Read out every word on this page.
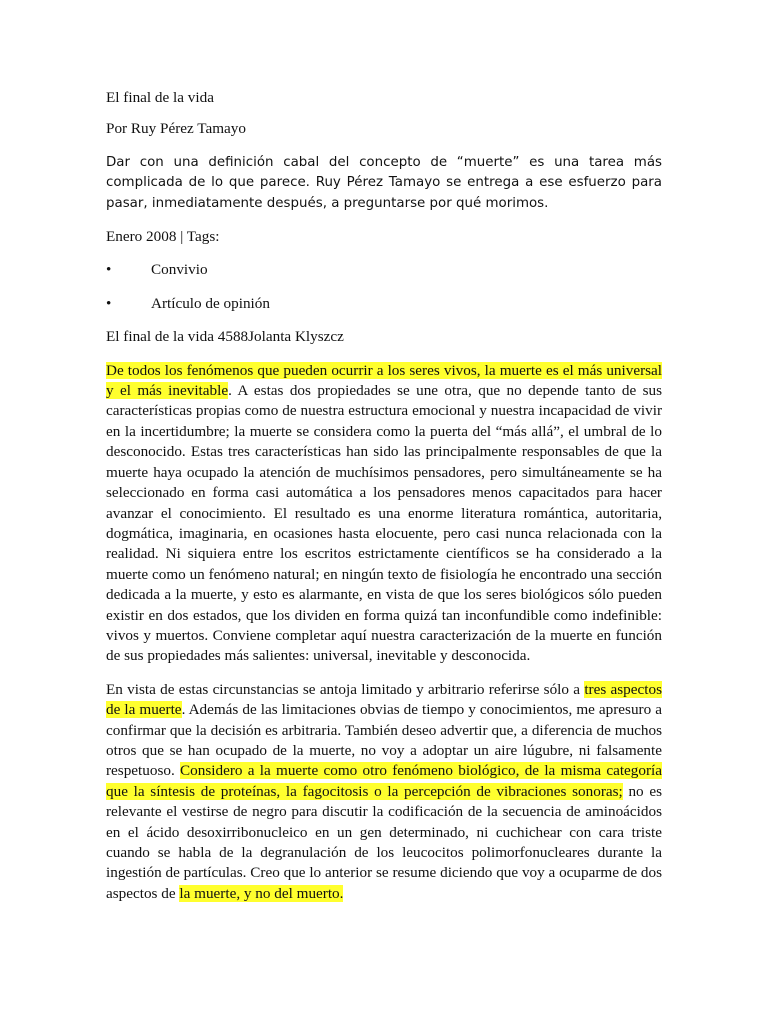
El final de la vida

Por Ruy Pérez Tamayo

Dar con una definición cabal del concepto de “muerte” es una tarea más complicada de lo que parece. Ruy Pérez Tamayo se entrega a ese esfuerzo para pasar, inmediatamente después, a preguntarse por qué morimos.

Enero 2008 | Tags:

•	Convivio
•	Artículo de opinión

El final de la vida 4588Jolanta Klyszcz

De todos los fenómenos que pueden ocurrir a los seres vivos, la muerte es el más universal y el más inevitable. A estas dos propiedades se une otra, que no depende tanto de sus características propias como de nuestra estructura emocional y nuestra incapacidad de vivir en la incertidumbre; la muerte se considera como la puerta del “más allá”, el umbral de lo desconocido. Estas tres características han sido las principalmente responsables de que la muerte haya ocupado la atención de muchísimos pensadores, pero simultáneamente se ha seleccionado en forma casi automática a los pensadores menos capacitados para hacer avanzar el conocimiento. El resultado es una enorme literatura romántica, autoritaria, dogmática, imaginaria, en ocasiones hasta elocuente, pero casi nunca relacionada con la realidad. Ni siquiera entre los escritos estrictamente científicos se ha considerado a la muerte como un fenómeno natural; en ningún texto de fisiología he encontrado una sección dedicada a la muerte, y esto es alarmante, en vista de que los seres biológicos sólo pueden existir en dos estados, que los dividen en forma quizá tan inconfundible como indefinible: vivos y muertos. Conviene completar aquí nuestra caracterización de la muerte en función de sus propiedades más salientes: universal, inevitable y desconocida.

En vista de estas circunstancias se antoja limitado y arbitrario referirse sólo a tres aspectos de la muerte. Además de las limitaciones obvias de tiempo y conocimientos, me apresuro a confirmar que la decisión es arbitraria. También deseo advertir que, a diferencia de muchos otros que se han ocupado de la muerte, no voy a adoptar un aire lúgubre, ni falsamente respetuoso. Considero a la muerte como otro fenómeno biológico, de la misma categoría que la síntesis de proteínas, la fagocitosis o la percepción de vibraciones sonoras; no es relevante el vestirse de negro para discutir la codificación de la secuencia de aminoácidos en el ácido desoxirribonucleico en un gen determinado, ni cuchichear con cara triste cuando se habla de la degranulación de los leucocitos polimorfonucleares durante la ingestión de partículas. Creo que lo anterior se resume diciendo que voy a ocuparme de dos aspectos de la muerte, y no del muerto.
